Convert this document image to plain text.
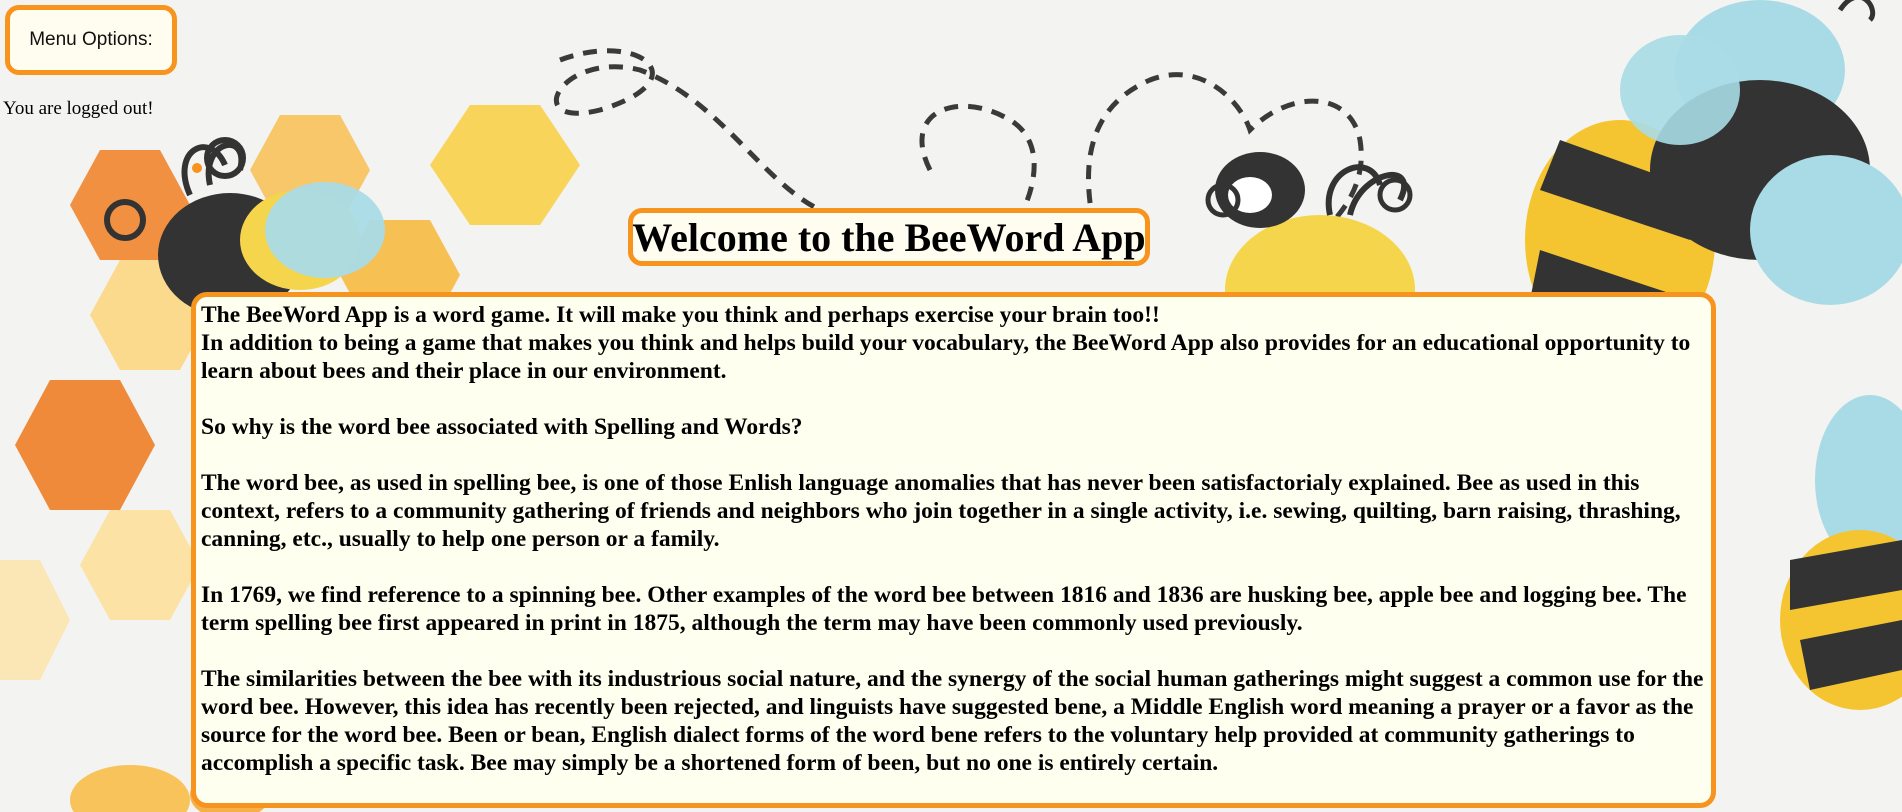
Menu Options:
You are logged out!
Welcome to the BeeWord App

The BeeWord App is a word game. It will make you think and perhaps exercise your brain too!!

In addition to being a game that makes you think and helps build your vocabulary, the BeeWord App also provides for an educational opportunity to learn about bees and their place in our environment.

So why is the word bee associated with Spelling and Words?

The word bee, as used in spelling bee, is one of those Enlish language anomalies that has never been satisfactorialy explained. Bee as used in this context, refers to a community gathering of friends and neighbors who join together in a single activity, i.e. sewing, quilting, barn raising, thrashing, canning, etc., usually to help one person or a family.

In 1769, we find reference to a spinning bee. Other examples of the word bee between 1816 and 1836 are husking bee, apple bee and logging bee. The term spelling bee first appeared in print in 1875, although the term may have been commonly used previously.

The similarities between the bee with its industrious social nature, and the synergy of the social human gatherings might suggest a common use for the word bee. However, this idea has recently been rejected, and linguists have suggested bene, a Middle English word meaning a prayer or a favor as the source for the word bee. Been or bean, English dialect forms of the word bene refers to the voluntary help provided at community gatherings to accomplish a specific task. Bee may simply be a shortened form of been, but no one is entirely certain.
